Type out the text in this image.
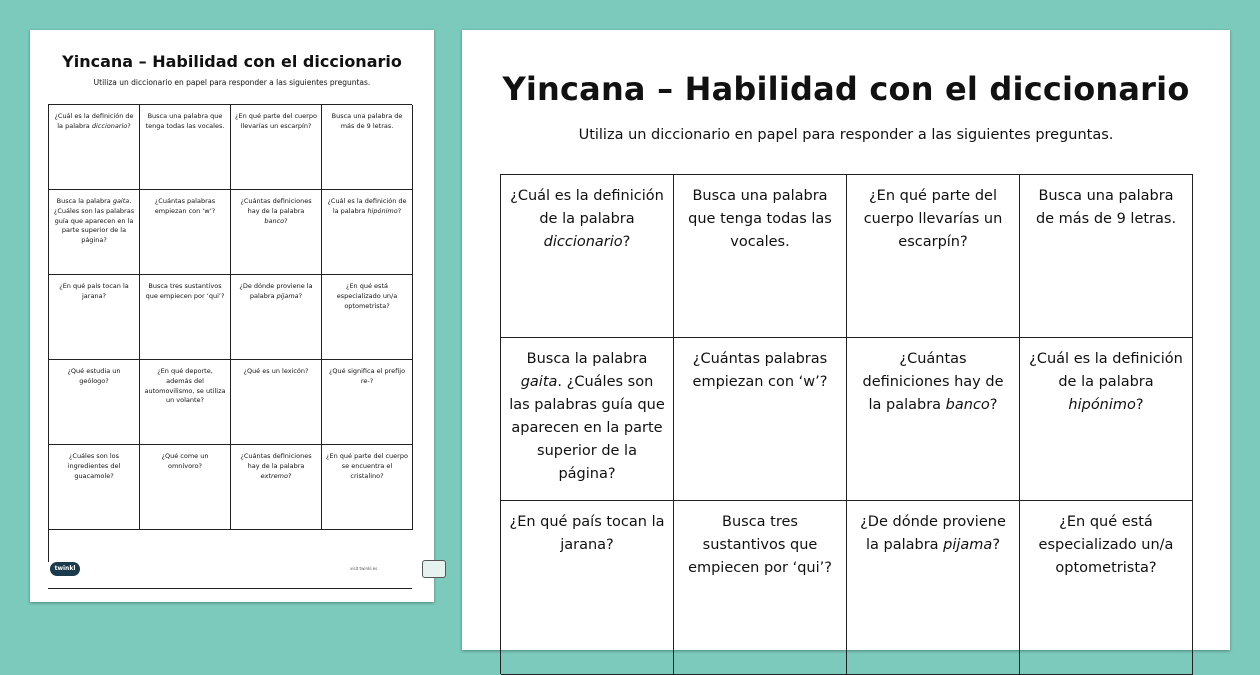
Yincana – Habilidad con el diccionario
Utiliza un diccionario en papel para responder a las siguientes preguntas.
¿Cuál es la definición de la palabra diccionario?
Busca una palabra que tenga todas las vocales.
¿En qué parte del cuerpo llevarías un escarpín?
Busca una palabra de más de 9 letras.
Busca la palabra gaita. ¿Cuáles son las palabras guía que aparecen en la parte superior de la página?
¿Cuántas palabras empiezan con ‘w’?
¿Cuántas definiciones hay de la palabra banco?
¿Cuál es la definición de la palabra hipónimo?
¿En qué país tocan la jarana?
Busca tres sustantivos que empiecen por ‘qui’?
¿De dónde proviene la palabra pijama?
¿En qué está especializado un/a optometrista?
¿Qué estudia un geólogo?
¿En qué deporte, además del automovilismo, se utiliza un volante?
¿Qué es un lexicón?	¿Qué significa el prefijo re-?
¿Cuáles son los ingredientes del guacamole?
¿Qué come un omnívoro?
¿Cuántas definiciones hay de la palabra extremo?
¿En qué parte del cuerpo se encuentra el cristalino?
twinkl	visit twinkl.es
Yincana – Habilidad con el diccionario
Utiliza un diccionario en papel para responder a las siguientes preguntas.
¿Cuál es la definición de la palabra diccionario?
Busca una palabra que tenga todas las vocales.
¿En qué parte del cuerpo llevarías un escarpín?
Busca una palabra de más de 9 letras.
Busca la palabra gaita. ¿Cuáles son las palabras guía que aparecen en la parte superior de la página?
¿Cuántas palabras empiezan con ‘w’?
¿Cuántas definiciones hay de la palabra banco?
¿Cuál es la definición de la palabra hipónimo?
¿En qué país tocan la jarana?
Busca tres sustantivos que empiecen por ‘qui’?
¿De dónde proviene la palabra pijama?
¿En qué está especializado un/a optometrista?
